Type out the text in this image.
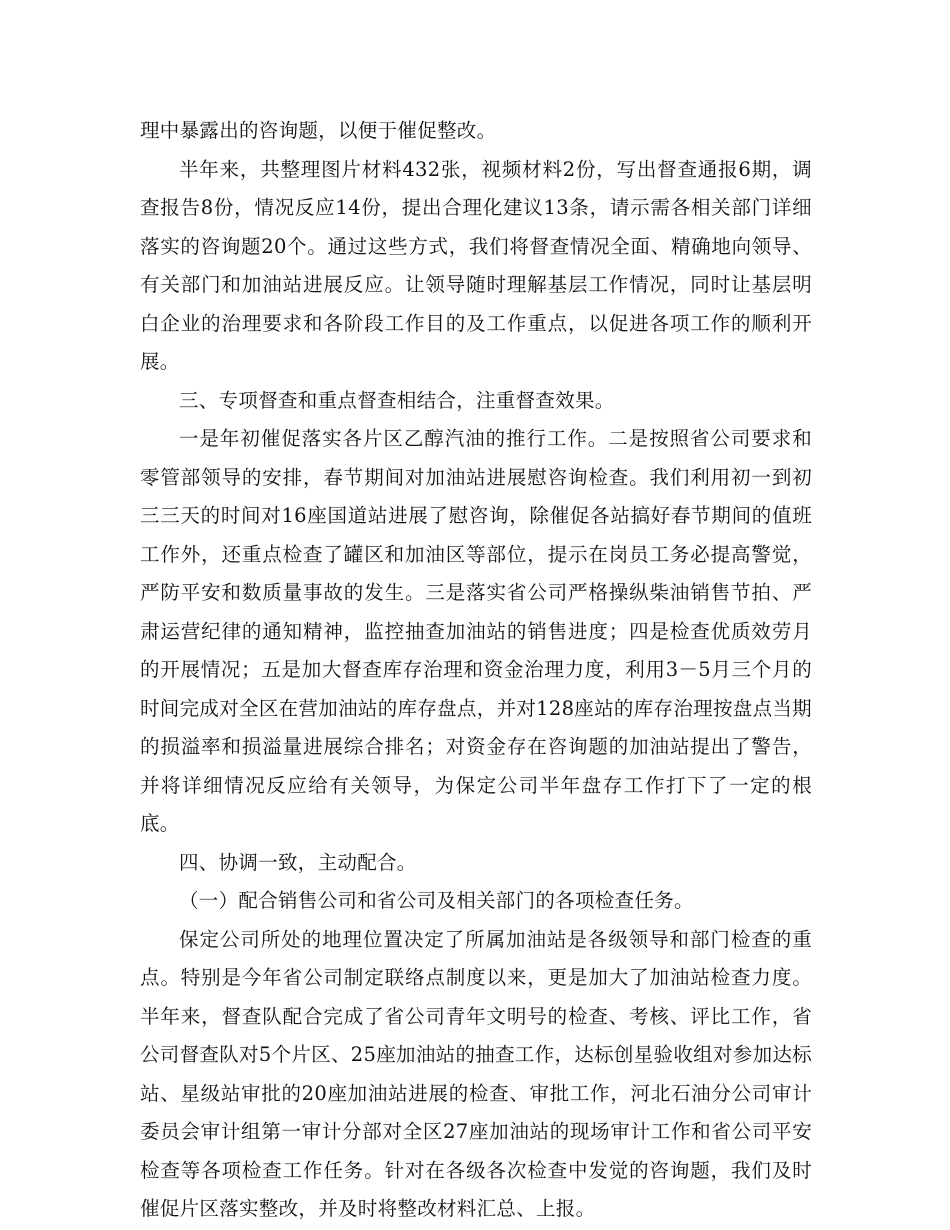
理中暴露出的咨询题，以便于催促整改。

半年来，共整理图片材料432张，视频材料2份，写出督查通报6期，调查报告8份，情况反应14份，提出合理化建议13条，请示需各相关部门详细落实的咨询题20个。通过这些方式，我们将督查情况全面、精确地向领导、有关部门和加油站进展反应。让领导随时理解基层工作情况，同时让基层明白企业的治理要求和各阶段工作目的及工作重点，以促进各项工作的顺利开展。

三、专项督查和重点督查相结合，注重督查效果。

一是年初催促落实各片区乙醇汽油的推行工作。二是按照省公司要求和零管部领导的安排，春节期间对加油站进展慰咨询检查。我们利用初一到初三三天的时间对16座国道站进展了慰咨询，除催促各站搞好春节期间的值班工作外，还重点检查了罐区和加油区等部位，提示在岗员工务必提高警觉，严防平安和数质量事故的发生。三是落实省公司严格操纵柴油销售节拍、严肃运营纪律的通知精神，监控抽查加油站的销售进度；四是检查优质效劳月的开展情况；五是加大督查库存治理和资金治理力度，利用3－5月三个月的时间完成对全区在营加油站的库存盘点，并对128座站的库存治理按盘点当期的损溢率和损溢量进展综合排名；对资金存在咨询题的加油站提出了警告，并将详细情况反应给有关领导，为保定公司半年盘存工作打下了一定的根底。

四、协调一致，主动配合。

（一）配合销售公司和省公司及相关部门的各项检查任务。

保定公司所处的地理位置决定了所属加油站是各级领导和部门检查的重点。特别是今年省公司制定联络点制度以来，更是加大了加油站检查力度。半年来，督查队配合完成了省公司青年文明号的检查、考核、评比工作，省公司督查队对5个片区、25座加油站的抽查工作，达标创星验收组对参加达标站、星级站审批的20座加油站进展的检查、审批工作，河北石油分公司审计委员会审计组第一审计分部对全区27座加油站的现场审计工作和省公司平安检查等各项检查工作任务。针对在各级各次检查中发觉的咨询题，我们及时催促片区落实整改，并及时将整改材料汇总、上报。
